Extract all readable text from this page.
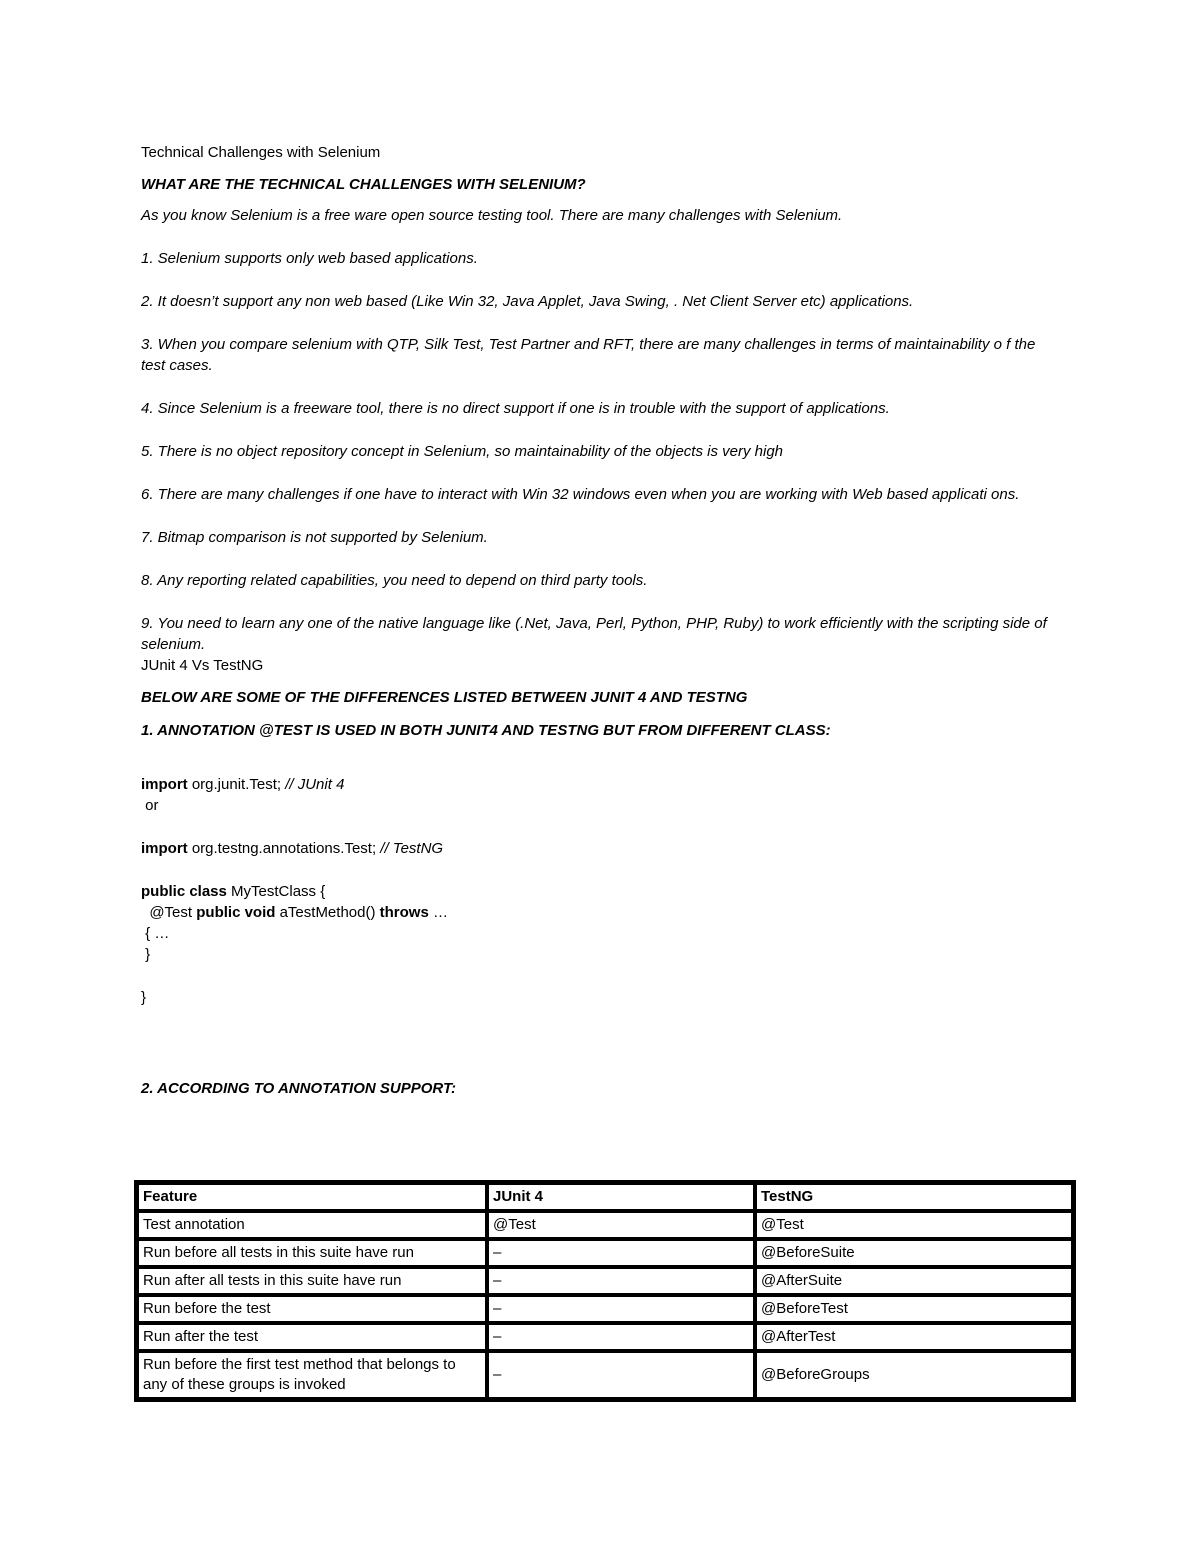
Technical Challenges with Selenium
WHAT ARE THE TECHNICAL CHALLENGES WITH SELENIUM?
As you know Selenium is a free ware open source testing tool. There are many challenges with Selenium.
1. Selenium supports only web based applications.
2. It doesn’t support any non web based (Like Win 32, Java Applet, Java Swing, . Net Client Server etc) applications.
3. When you compare selenium with QTP, Silk Test, Test Partner and RFT, there are many challenges in terms of maintainability o f the test cases.
4. Since Selenium is a freeware tool, there is no direct support if one is in trouble with the support of applications.
5. There is no object repository concept in Selenium, so maintainability of the objects is very high
6. There are many challenges if one have to interact with Win 32 windows even when you are working with Web based applicati ons.
7. Bitmap comparison is not supported by Selenium.
8. Any reporting related capabilities, you need to depend on third party tools.
9. You need to learn any one of the native language like (.Net, Java, Perl, Python, PHP, Ruby) to work efficiently with the scripting side of selenium.
JUnit 4 Vs TestNG
BELOW ARE SOME OF THE DIFFERENCES LISTED BETWEEN JUNIT 4 AND TESTNG
1. ANNOTATION @TEST IS USED IN BOTH JUNIT4 AND TESTNG BUT FROM DIFFERENT CLASS:
import org.junit.Test; // JUnit 4
or
import org.testng.annotations.Test; // TestNG
public class MyTestClass {
@Test public void aTestMethod() throws …
{ …
}
}
2. ACCORDING TO ANNOTATION SUPPORT:
Feature	JUnit 4	TestNG
Test annotation	@Test	@Test
Run before all tests in this suite have run	–	@BeforeSuite
Run after all tests in this suite have run	–	@AfterSuite
Run before the test	–	@BeforeTest
Run after the test	–	@AfterTest
Run before the first test method that belongs to any of these groups is invoked	–	@BeforeGroups
